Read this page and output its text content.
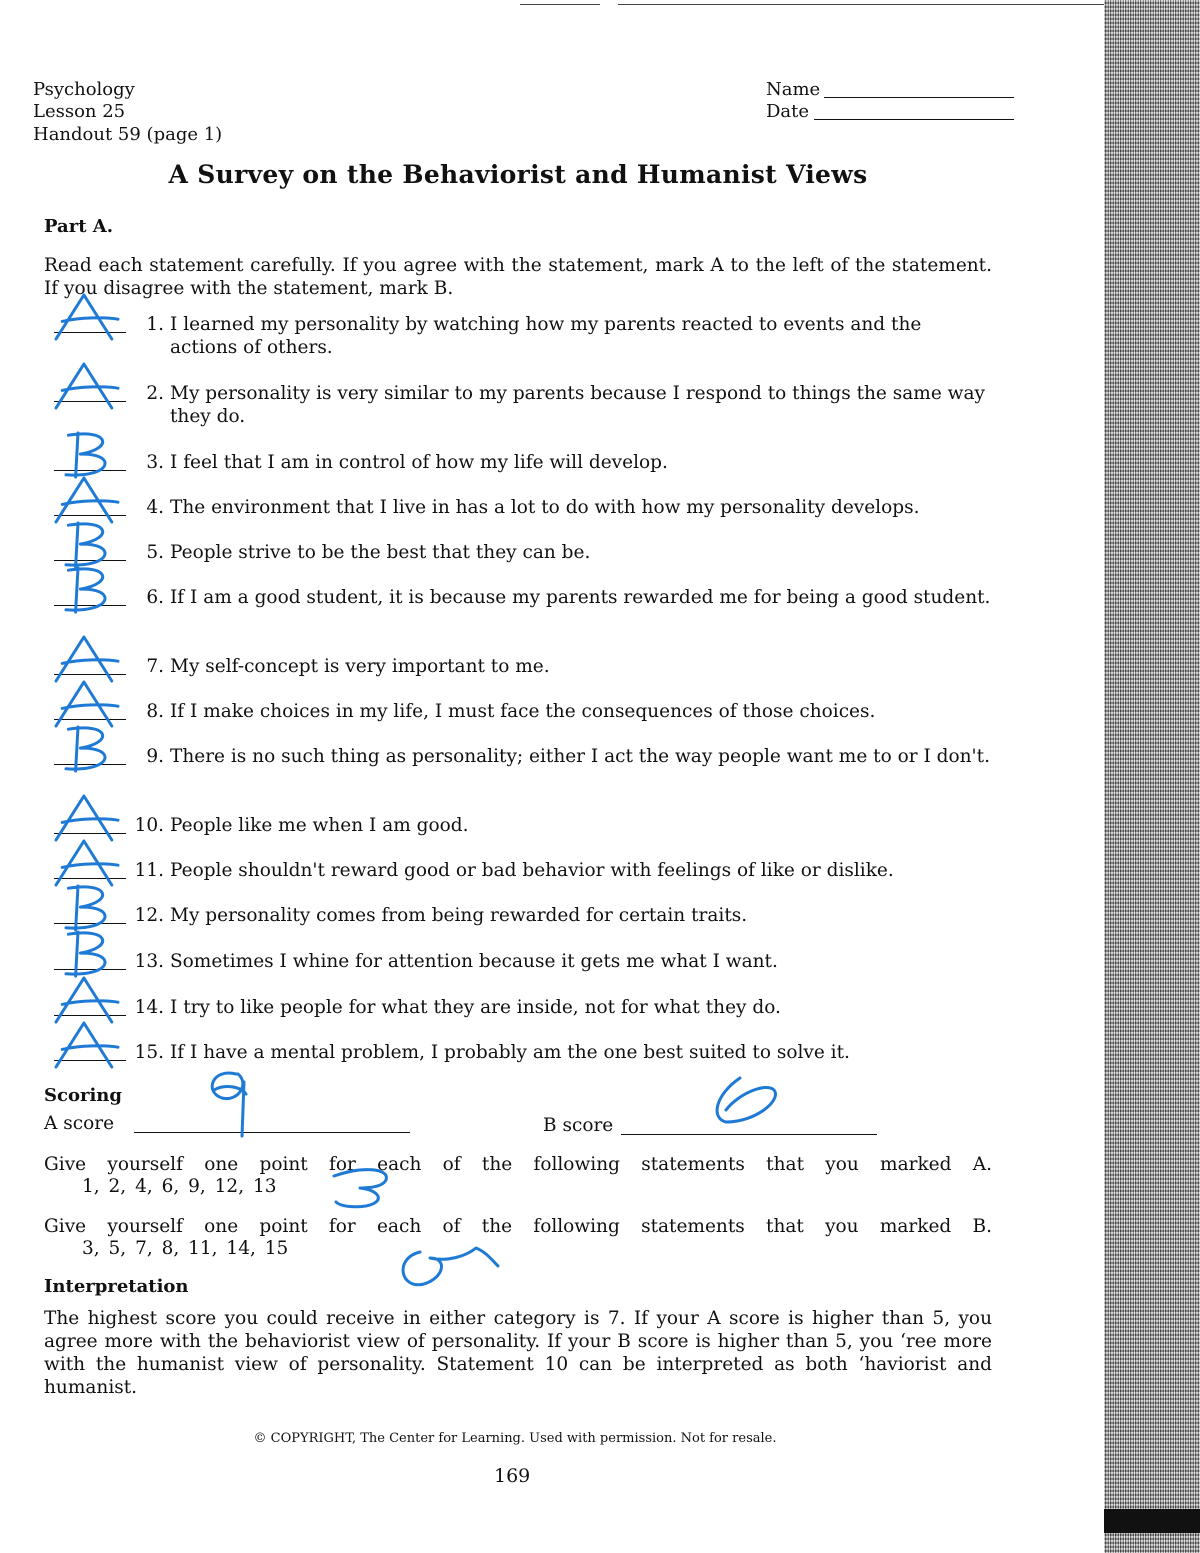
Psychology
Lesson 25
Handout 59 (page 1)
Name
Date
A Survey on the Behaviorist and Humanist Views
Part A.
Read each statement carefully. If you agree with the statement, mark A to the left of the statement. If you disagree with the statement, mark B.
1. I learned my personality by watching how my parents reacted to events and the actions of others.
2. My personality is very similar to my parents because I respond to things the same way they do.
3. I feel that I am in control of how my life will develop.
4. The environment that I live in has a lot to do with how my personality develops.
5. People strive to be the best that they can be.
6. If I am a good student, it is because my parents rewarded me for being a good student.
7. My self-concept is very important to me.
8. If I make choices in my life, I must face the consequences of those choices.
9. There is no such thing as personality; either I act the way people want me to or I don't.
10. People like me when I am good.
11. People shouldn't reward good or bad behavior with feelings of like or dislike.
12. My personality comes from being rewarded for certain traits.
13. Sometimes I whine for attention because it gets me what I want.
14. I try to like people for what they are inside, not for what they do.
15. If I have a mental problem, I probably am the one best suited to solve it.
Scoring
A score	B score
Give yourself one point for each of the following statements that you marked A.
1, 2, 4, 6, 9, 12, 13
Give yourself one point for each of the following statements that you marked B.
3, 5, 7, 8, 11, 14, 15
Interpretation
The highest score you could receive in either category is 7. If your A score is higher than 5, you agree more with the behaviorist view of personality. If your B score is higher than 5, you ‘ree more with the humanist view of personality. Statement 10 can be interpreted as both ‘haviorist and humanist.
© COPYRIGHT, The Center for Learning. Used with permission. Not for resale.
169
